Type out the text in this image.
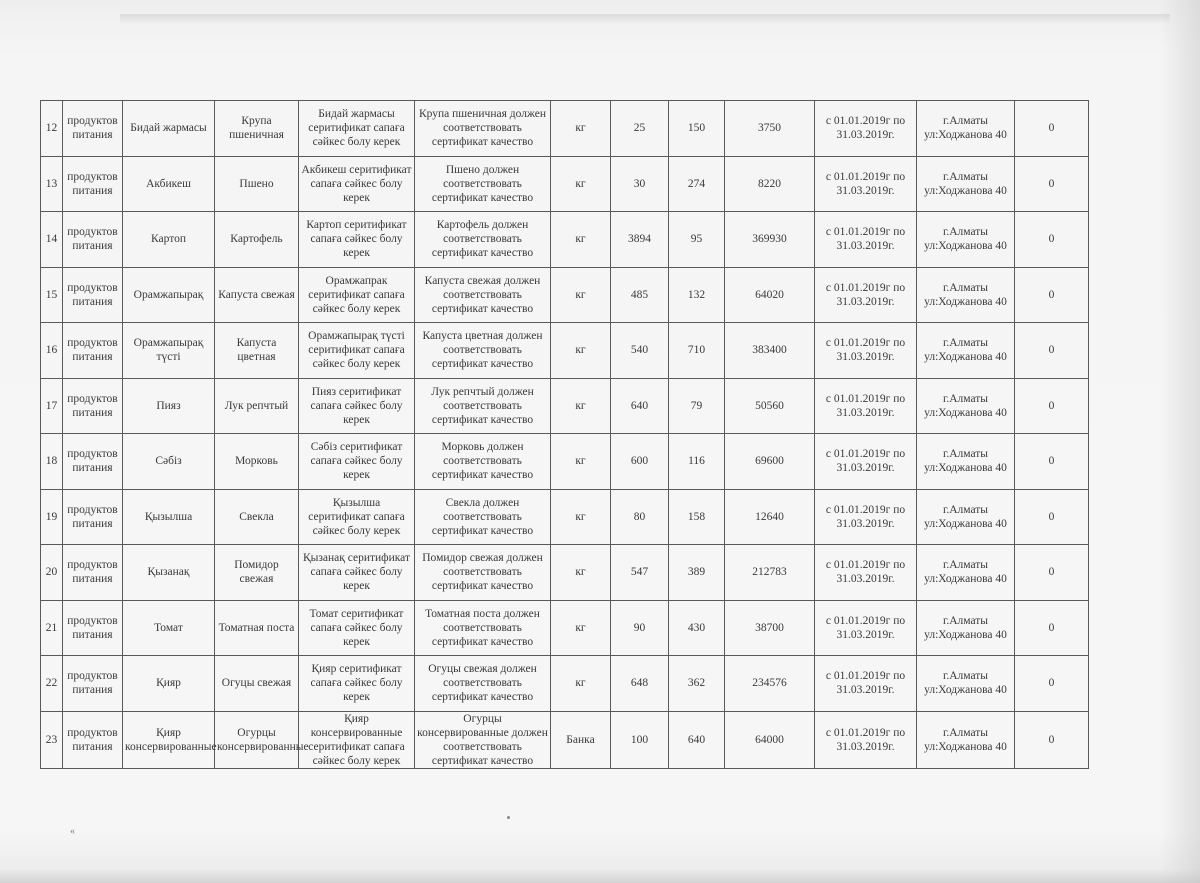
12	продуктов питания	Бидай жармасы	Крупа пшеничная	Бидай жармасы серитификат сапаға сәйкес болу керек	Крупа пшеничная должен соответствовать сертификат качество	кг	25	150	3750	с 01.01.2019г по 31.03.2019г.	г.Алматы ул:Ходжанова 40	0
13	продуктов питания	Акбикеш	Пшено	Акбикеш серитификат сапаға сәйкес болу керек	Пшено должен соответствовать сертификат качество	кг	30	274	8220	с 01.01.2019г по 31.03.2019г.	г.Алматы ул:Ходжанова 40	0
14	продуктов питания	Картоп	Картофель	Картоп серитификат сапаға сәйкес болу керек	Картофель должен соответствовать сертификат качество	кг	3894	95	369930	с 01.01.2019г по 31.03.2019г.	г.Алматы ул:Ходжанова 40	0
15	продуктов питания	Орамжапырақ	Капуста свежая	Орамжапрак серитификат сапаға сәйкес болу керек	Капуста свежая должен соответствовать сертификат качество	кг	485	132	64020	с 01.01.2019г по 31.03.2019г.	г.Алматы ул:Ходжанова 40	0
16	продуктов питания	Орамжапырақ түсті	Капуста цветная	Орамжапырақ түсті серитификат сапаға сәйкес болу керек	Капуста цветная должен соответствовать сертификат качество	кг	540	710	383400	с 01.01.2019г по 31.03.2019г.	г.Алматы ул:Ходжанова 40	0
17	продуктов питания	Пияз	Лук репчтый	Пияз серитификат сапаға сәйкес болу керек	Лук репчтый должен соответствовать сертификат качество	кг	640	79	50560	с 01.01.2019г по 31.03.2019г.	г.Алматы ул:Ходжанова 40	0
18	продуктов питания	Сәбіз	Морковь	Сәбіз серитификат сапаға сәйкес болу керек	Морковь должен соответствовать сертификат качество	кг	600	116	69600	с 01.01.2019г по 31.03.2019г.	г.Алматы ул:Ходжанова 40	0
19	продуктов питания	Қызылша	Свекла	Қызылша серитификат сапаға сәйкес болу керек	Свекла должен соответствовать сертификат качество	кг	80	158	12640	с 01.01.2019г по 31.03.2019г.	г.Алматы ул:Ходжанова 40	0
20	продуктов питания	Қызанақ	Помидор свежая	Қызанақ серитификат сапаға сәйкес болу керек	Помидор свежая должен соответствовать сертификат качество	кг	547	389	212783	с 01.01.2019г по 31.03.2019г.	г.Алматы ул:Ходжанова 40	0
21	продуктов питания	Томат	Томатная поста	Томат серитификат сапаға сәйкес болу керек	Томатная поста должен соответствовать сертификат качество	кг	90	430	38700	с 01.01.2019г по 31.03.2019г.	г.Алматы ул:Ходжанова 40	0
22	продуктов питания	Қияр	Огуцы свежая	Қияр серитификат сапаға сәйкес болу керек	Огуцы свежая должен соответствовать сертификат качество	кг	648	362	234576	с 01.01.2019г по 31.03.2019г.	г.Алматы ул:Ходжанова 40	0
23	продуктов питания	Қияр консервированные	Огурцы консервированные	Қияр консервированные серитификат сапаға сәйкес болу керек	Огурцы консервированные должен соответствовать сертификат качество	Банка	100	640	64000	с 01.01.2019г по 31.03.2019г.	г.Алматы ул:Ходжанова 40	0
«
